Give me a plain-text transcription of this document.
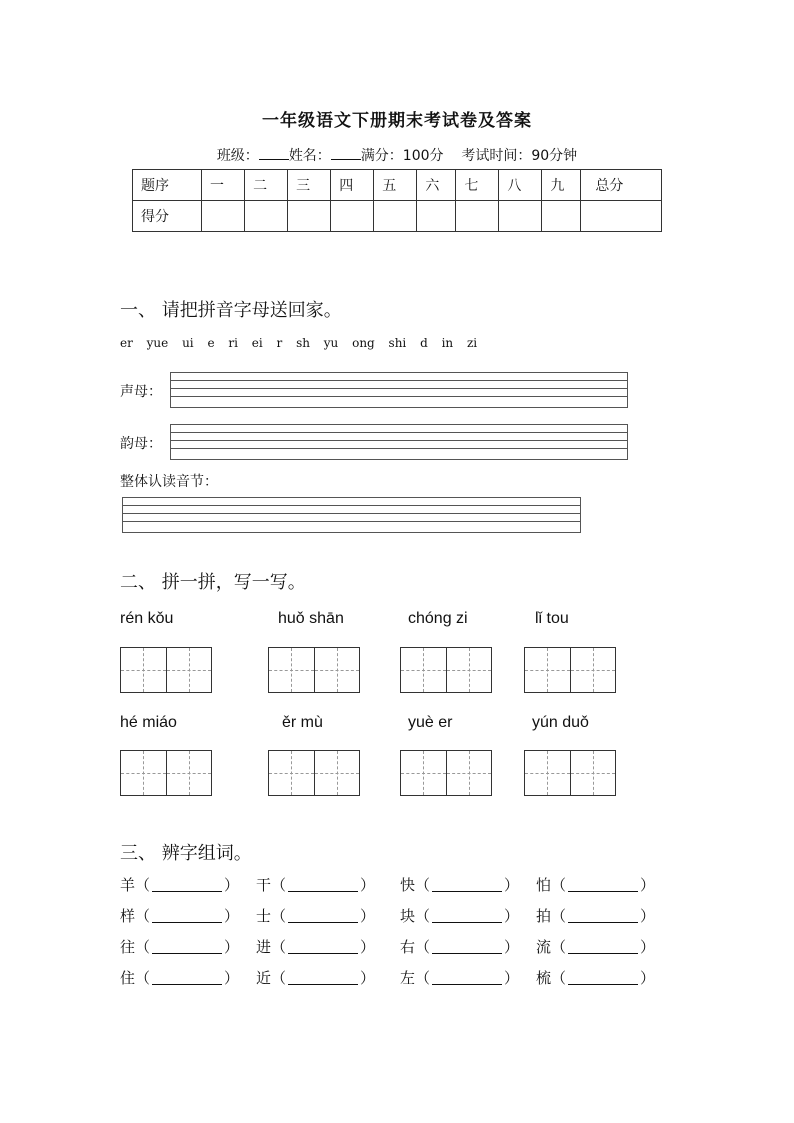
一年级语文下册期末考试卷及答案
班级： 姓名： 满分：100分 考试时间：90分钟
题序	一	二	三	四	五	六	七	八	九	总分
得分										
一、 请把拼音字母送回家。
er yue ui e ri ei r sh yu ong shi d in zi
声母：
韵母：
整体认读音节：
二、 拼一拼，写一写。
rén kǒu	huǒ shān	chóng zi	lǐ tou
hé miáo	ěr mù	yuè er	yún duǒ
三、 辨字组词。
羊 （	） 干 （	） 快 （	） 怕 （	）
样 （	） 士 （	） 块 （	） 拍 （	）
往 （	） 进 （	） 右 （	） 流 （	）
住 （	） 近 （	） 左 （	） 梳 （	）
